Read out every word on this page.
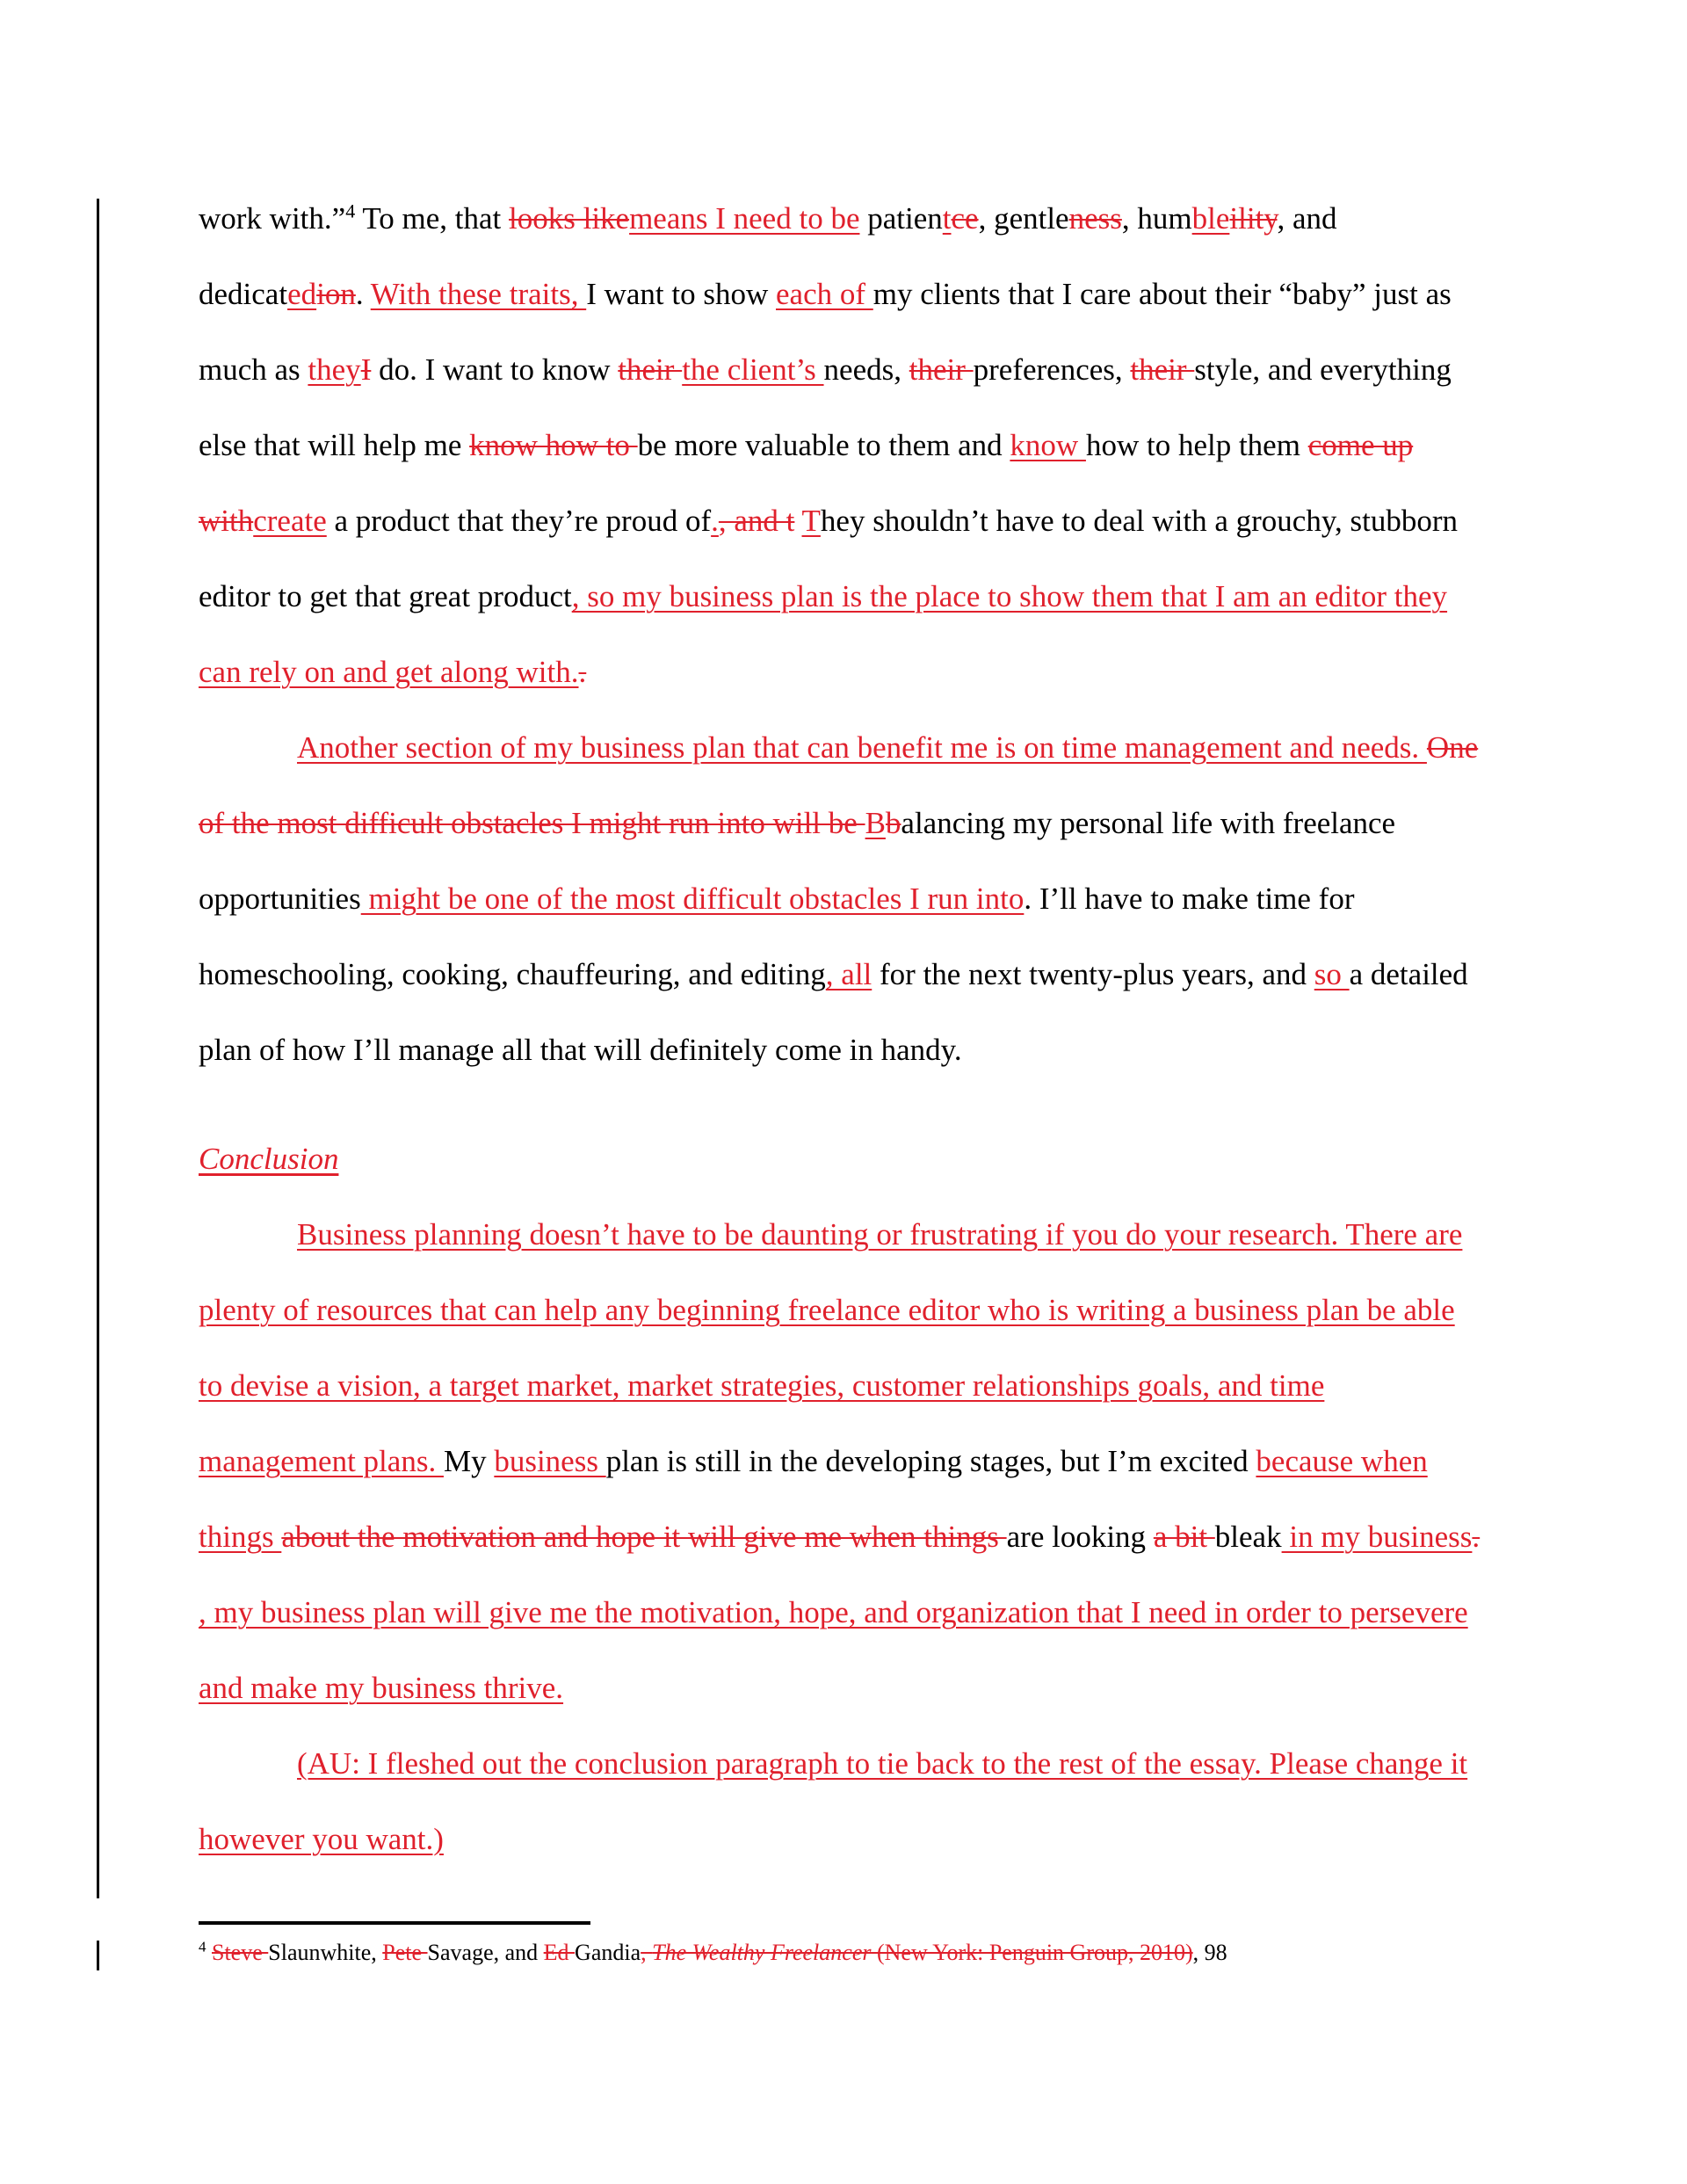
work with.”$^4$ To me, that looks likemeans I need to be patientce, gentleness, humbleility, and dedicatedion. With these traits, I want to show each of my clients that I care about their “baby” just as much as theyI do. I want to know their the client’s needs, their preferences, their style, and everything else that will help me know how to be more valuable to them and know how to help them come up withcreate a product that they’re proud of., and t They shouldn’t have to deal with a grouchy, stubborn editor to get that great product, so my business plan is the place to show them that I am an editor they can rely on and get along with..

Another section of my business plan that can benefit me is on time management and needs. One of the most difficult obstacles I might run into will be Bbalancing my personal life with freelance opportunities might be one of the most difficult obstacles I run into. I’ll have to make time for homeschooling, cooking, chauffeuring, and editing, all for the next twenty-plus years, and so a detailed plan of how I’ll manage all that will definitely come in handy.

Conclusion

Business planning doesn’t have to be daunting or frustrating if you do your research. There are plenty of resources that can help any beginning freelance editor who is writing a business plan be able to devise a vision, a target market, market strategies, customer relationships goals, and time management plans. My business plan is still in the developing stages, but I’m excited because when things about the motivation and hope it will give me when things are looking a bit bleak in my business. , my business plan will give me the motivation, hope, and organization that I need in order to persevere and make my business thrive.

(AU: I fleshed out the conclusion paragraph to tie back to the rest of the essay. Please change it however you want.)

$^4$ Steve Slaunwhite, Pete Savage, and Ed Gandia, The Wealthy Freelancer (New York: Penguin Group, 2010), 98
